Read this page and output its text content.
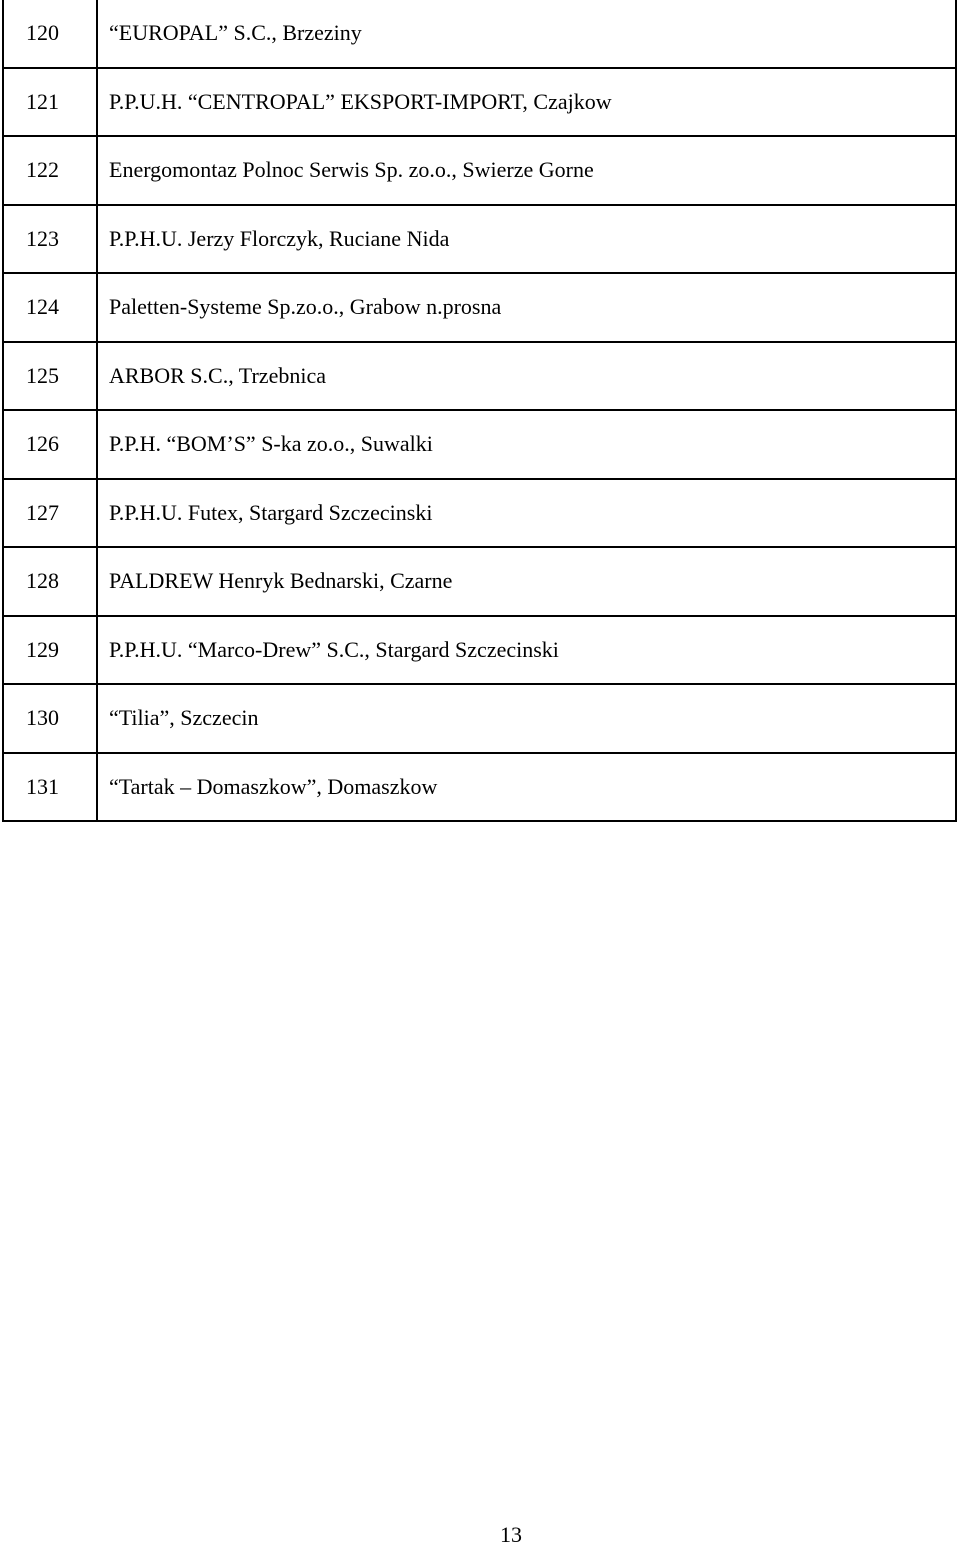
120	“EUROPAL” S.C., Brzeziny
121	P.P.U.H. “CENTROPAL” EKSPORT-IMPORT, Czajkow
122	Energomontaz Polnoc Serwis Sp. zo.o., Swierze Gorne
123	P.P.H.U. Jerzy Florczyk, Ruciane Nida
124	Paletten-Systeme Sp.zo.o., Grabow n.prosna
125	ARBOR S.C., Trzebnica
126	P.P.H. “BOM’S” S-ka zo.o., Suwalki
127	P.P.H.U. Futex, Stargard Szczecinski
128	PALDREW Henryk Bednarski, Czarne
129	P.P.H.U. “Marco-Drew” S.C., Stargard Szczecinski
130	“Tilia”, Szczecin
131	“Tartak – Domaszkow”, Domaszkow
13
